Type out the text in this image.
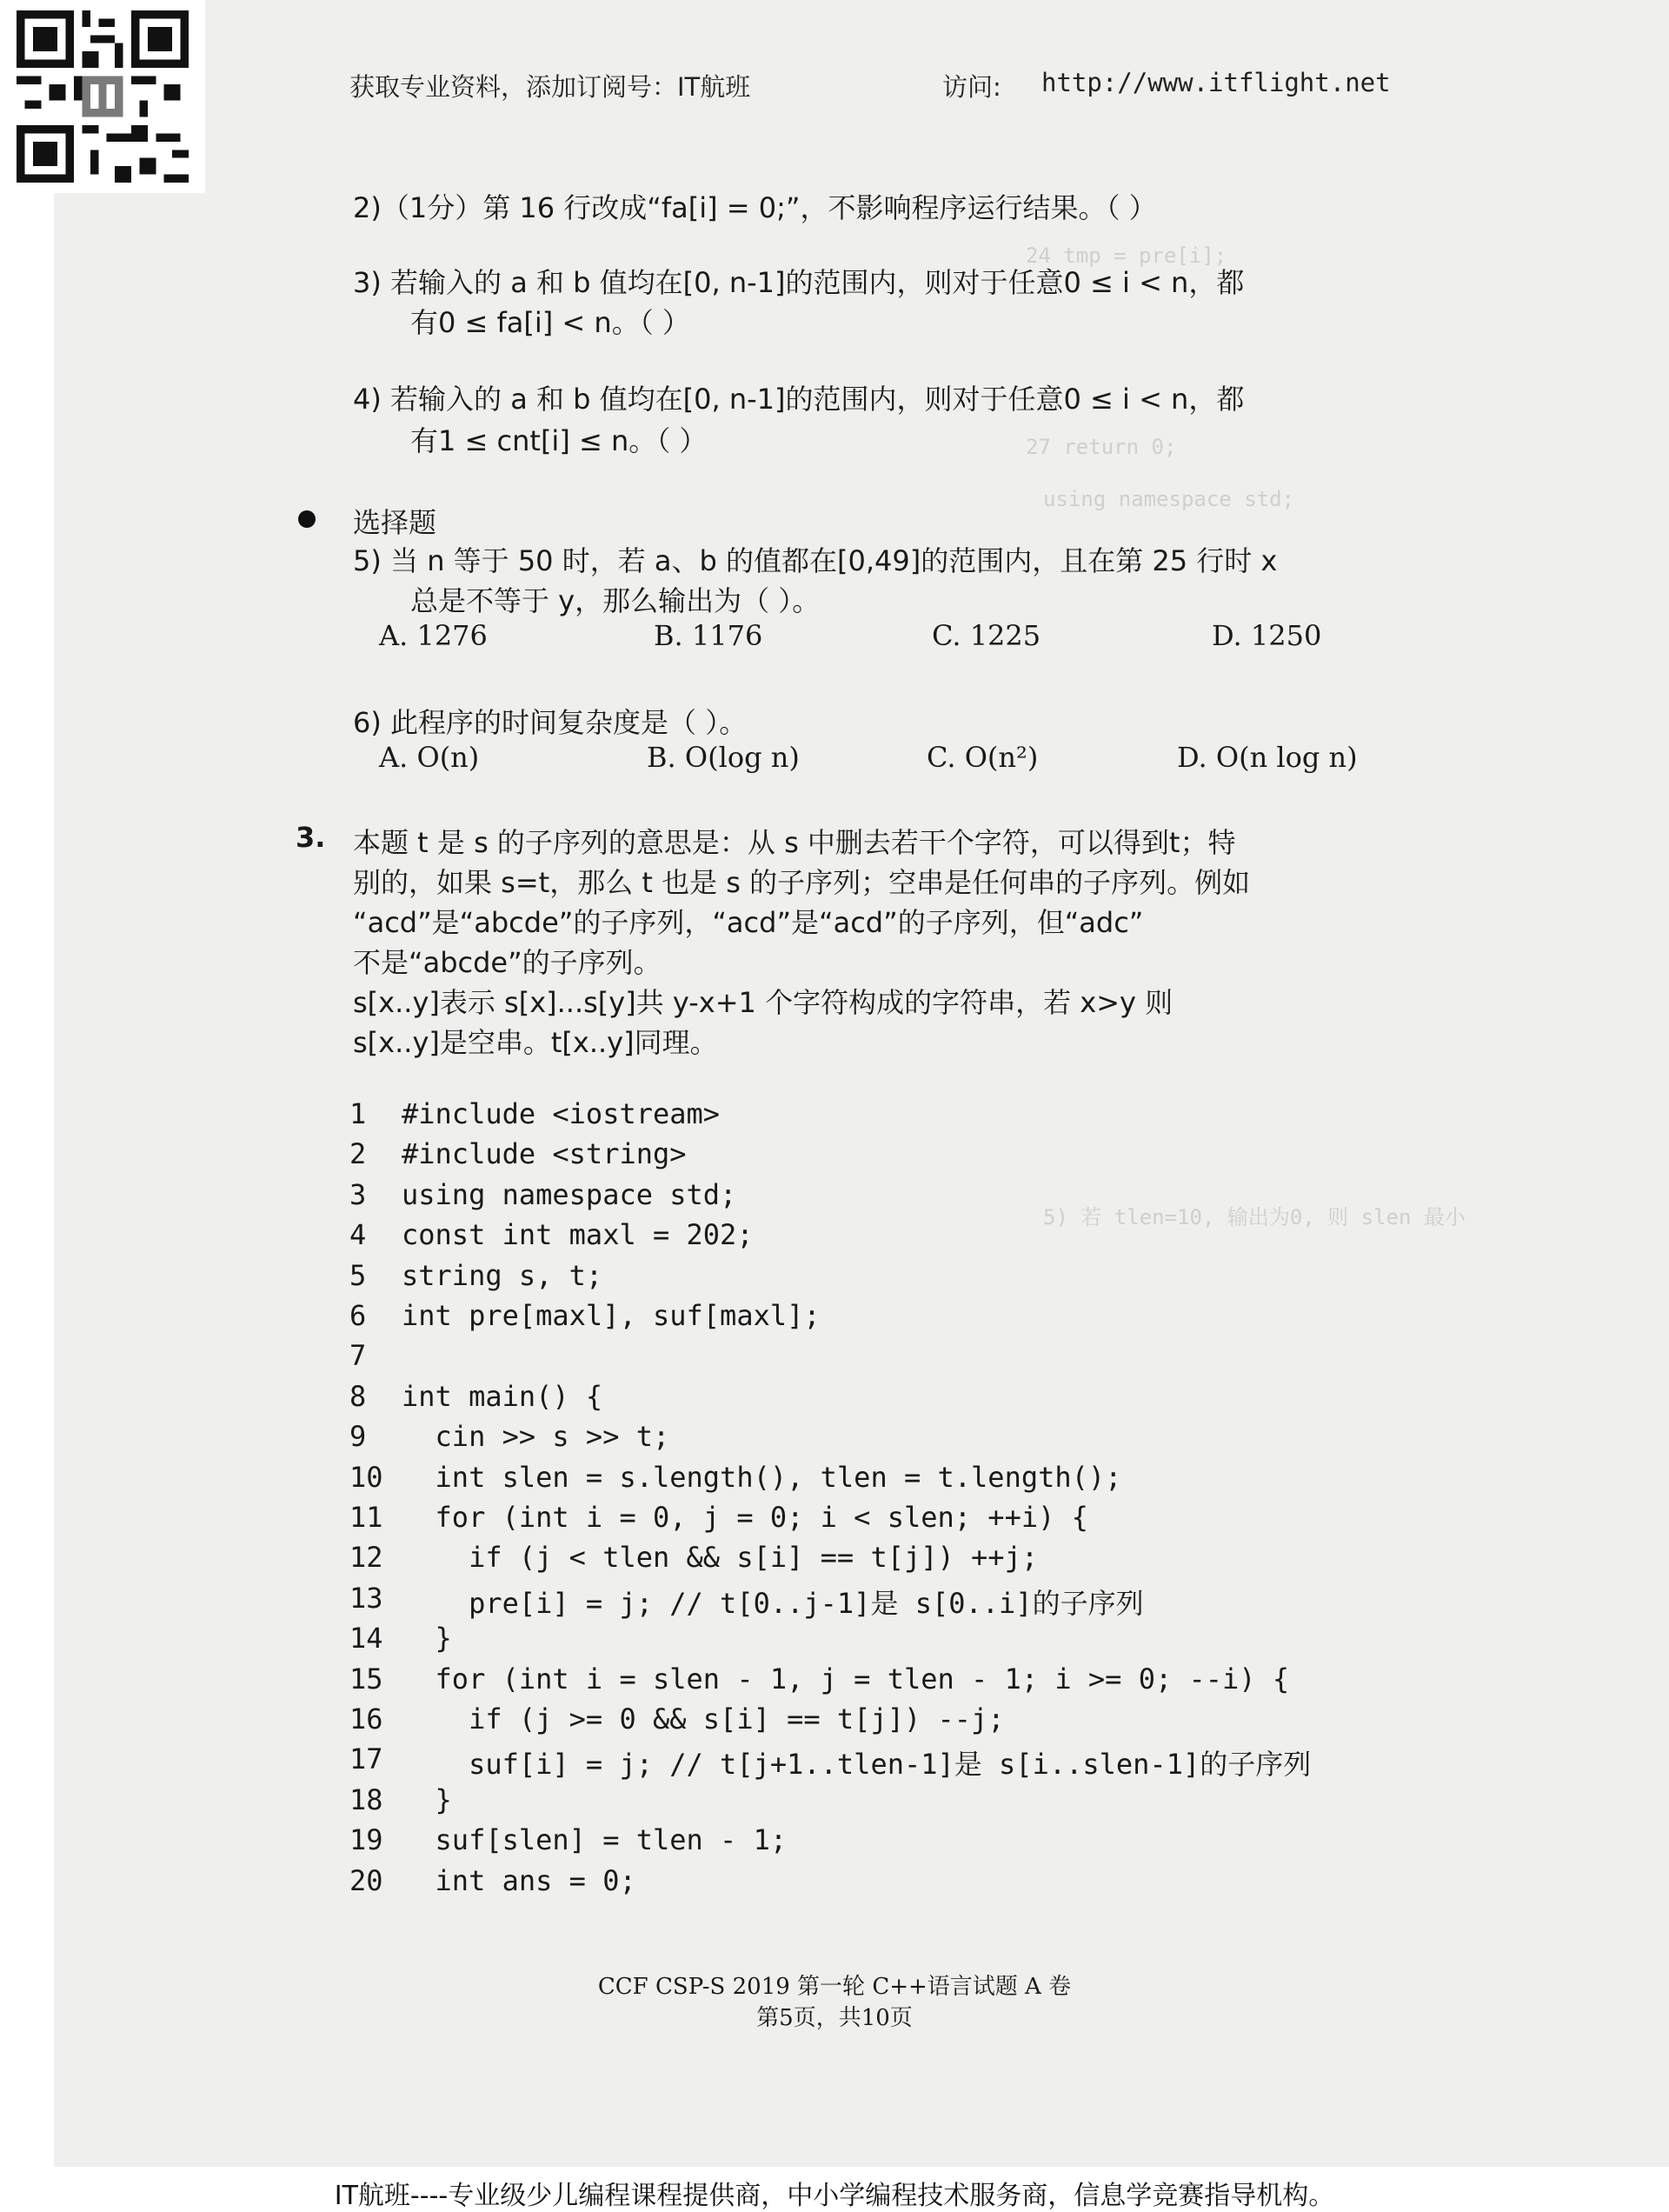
24 tmp = pre[i];
27 return 0;
using namespace std;
5) 若 tlen=10, 输出为0, 则 slen 最小
获取专业资料，添加订阅号：IT航班	访问: http://www.itflight.net
2)（1分）第 16 行改成“fa[i] = 0;”，不影响程序运行结果。（ ）
3) 若输入的 a 和 b 值均在[0, n-1]的范围内，则对于任意0 ≤ i < n，都
有0 ≤ fa[i] < n。（ ）
4) 若输入的 a 和 b 值均在[0, n-1]的范围内，则对于任意0 ≤ i < n，都
有1 ≤ cnt[i] ≤ n。（ ）
选择题
5) 当 n 等于 50 时，若 a、b 的值都在[0,49]的范围内，且在第 25 行时 x
总是不等于 y，那么输出为（ ）。
A. 1276	B. 1176	C. 1225	D. 1250
6) 此程序的时间复杂度是（ ）。
A. O(n)	B. O(log n)	C. O(n²)	D. O(n log n)
3. 本题 t 是 s 的子序列的意思是：从 s 中删去若干个字符，可以得到t；特
别的，如果 s=t，那么 t 也是 s 的子序列；空串是任何串的子序列。例如
“acd”是“abcde”的子序列，“acd”是“acd”的子序列，但“adc”
不是“abcde”的子序列。
s[x..y]表示 s[x]...s[y]共 y-x+1 个字符构成的字符串，若 x>y 则
s[x..y]是空串。t[x..y]同理。
1	#include <iostream>
2	#include <string>
3	using namespace std;
4	const int maxl = 202;
5	string s, t;
6	int pre[maxl], suf[maxl];
7
8	int main() {
9	cin >> s >> t;
10 int slen = s.length(), tlen = t.length();
11 for (int i = 0, j = 0; i < slen; ++i) {
12 if (j < tlen && s[i] == t[j]) ++j;
13 pre[i] = j; // t[0..j-1]是 s[0..i]的子序列
14 }
15 for (int i = slen - 1, j = tlen - 1; i >= 0; --i) {
16 if (j >= 0 && s[i] == t[j]) --j;
17 suf[i] = j; // t[j+1..tlen-1]是 s[i..slen-1]的子序列
18 }
19 suf[slen] = tlen - 1;
20 int ans = 0;
CCF CSP-S 2019 第一轮 C++语言试题 A 卷
第5页，共10页
IT航班----专业级少儿编程课程提供商，中小学编程技术服务商，信息学竞赛指导机构。
